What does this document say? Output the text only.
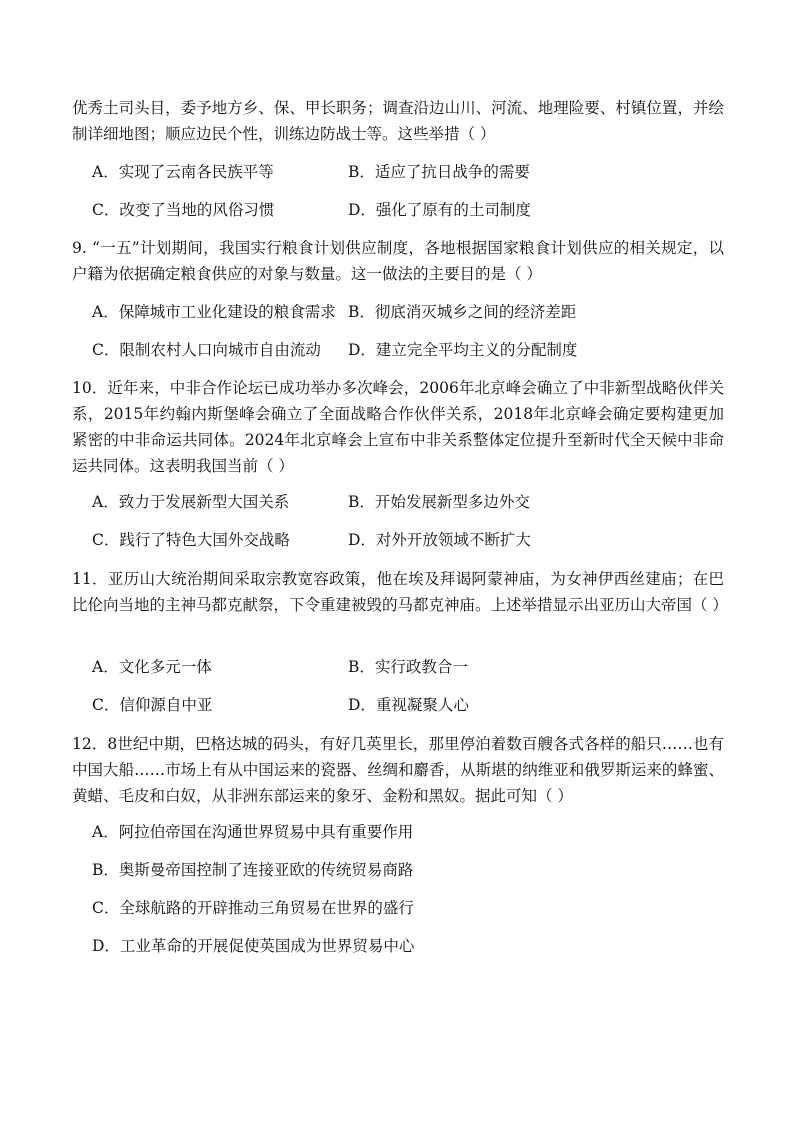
优秀土司头目，委予地方乡、保、甲长职务；调查沿边山川、河流、地理险要、村镇位置，并绘制详细地图；顺应边民个性，训练边防战士等。这些举措（ ）
A．实现了云南各民族平等	B．适应了抗日战争的需要
C．改变了当地的风俗习惯	D．强化了原有的土司制度
9. “一五”计划期间，我国实行粮食计划供应制度，各地根据国家粮食计划供应的相关规定，以户籍为依据确定粮食供应的对象与数量。这一做法的主要目的是（ ）
A．保障城市工业化建设的粮食需求 B．彻底消灭城乡之间的经济差距
C．限制农村人口向城市自由流动 D．建立完全平均主义的分配制度
10．近年来，中非合作论坛已成功举办多次峰会，2006年北京峰会确立了中非新型战略伙伴关系，2015年约翰内斯堡峰会确立了全面战略合作伙伴关系，2018年北京峰会确定要构建更加紧密的中非命运共同体。2024年北京峰会上宣布中非关系整体定位提升至新时代全天候中非命运共同体。这表明我国当前（ ）
A．致力于发展新型大国关系	B．开始发展新型多边外交
C．践行了特色大国外交战略	D．对外开放领域不断扩大
11．亚历山大统治期间采取宗教宽容政策，他在埃及拜谒阿蒙神庙，为女神伊西丝建庙；在巴比伦向当地的主神马都克献祭，下令重建被毁的马都克神庙。上述举措显示出亚历山大帝国（ ）
A．文化多元一体	B．实行政教合一
C．信仰源自中亚	D．重视凝聚人心
12．8世纪中期，巴格达城的码头，有好几英里长，那里停泊着数百艘各式各样的船只……也有中国大船……市场上有从中国运来的瓷器、丝绸和麝香，从斯堪的纳维亚和俄罗斯运来的蜂蜜、黄蜡、毛皮和白奴，从非洲东部运来的象牙、金粉和黑奴。据此可知（ ）
A．阿拉伯帝国在沟通世界贸易中具有重要作用
B．奥斯曼帝国控制了连接亚欧的传统贸易商路
C．全球航路的开辟推动三角贸易在世界的盛行
D．工业革命的开展促使英国成为世界贸易中心
